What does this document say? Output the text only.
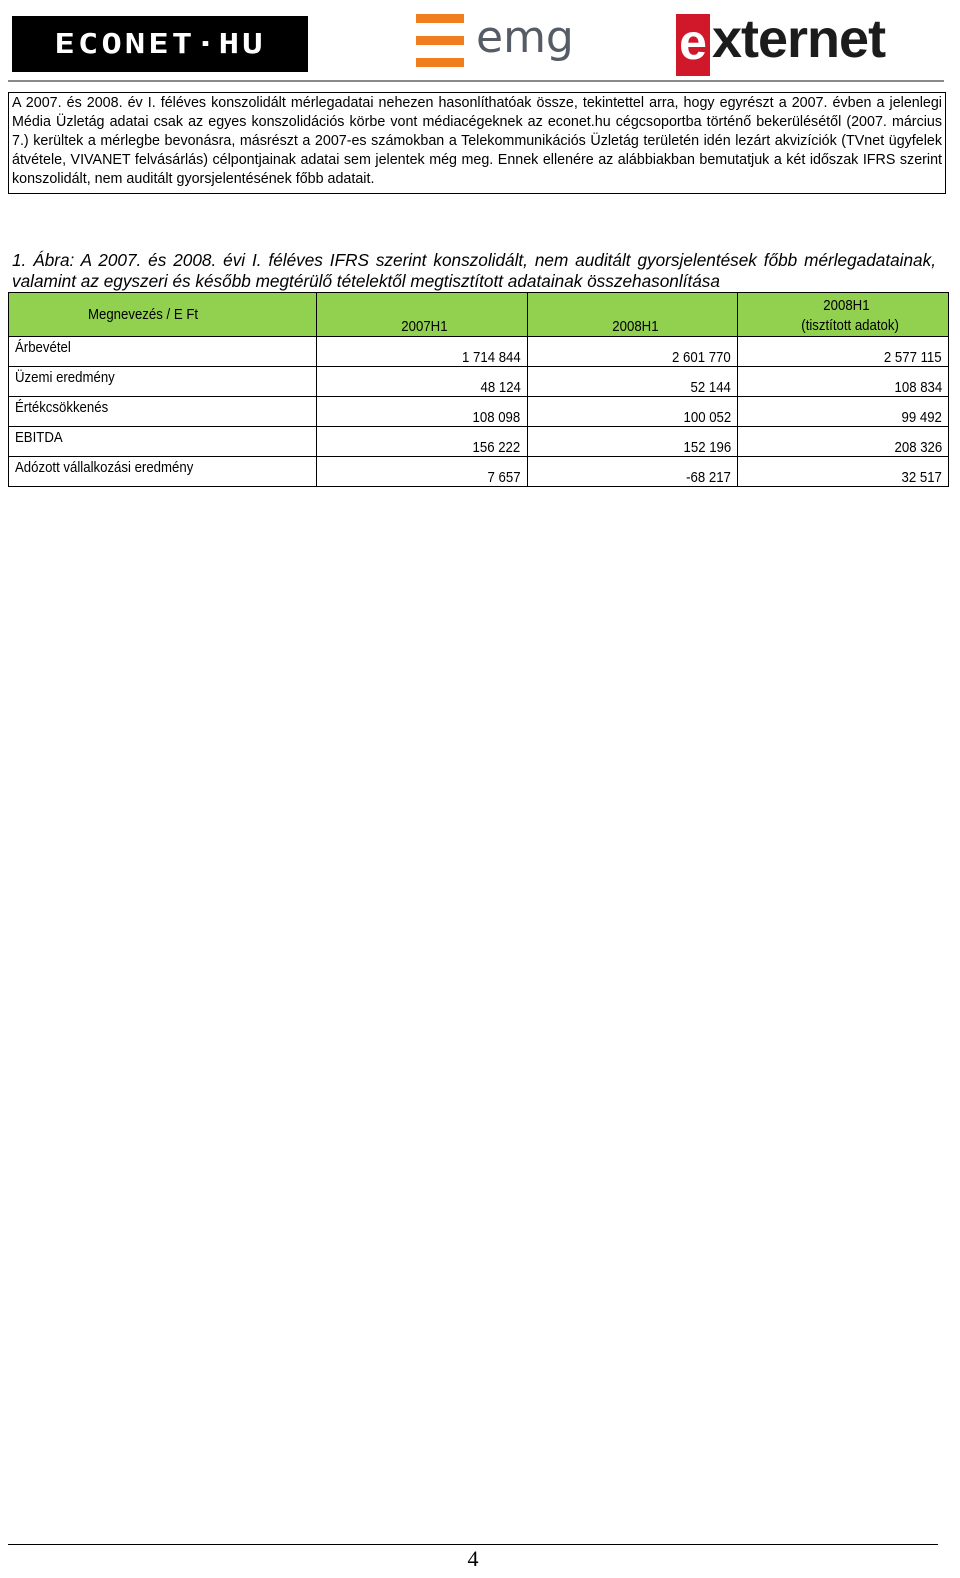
ECONET·HU	emg e xternet
A 2007. és 2008. év I. féléves konszolidált mérlegadatai nehezen hasonlíthatóak össze, tekintettel arra, hogy egyrészt a 2007. évben a jelenlegi Média Üzletág adatai csak az egyes konszolidációs körbe vont médiacégeknek az econet.hu cégcsoportba történő bekerülésétől (2007. március 7.) kerültek a mérlegbe bevonásra, másrészt a 2007-es számokban a Telekommunikációs Üzletág területén idén lezárt akvizíciók (TVnet ügyfelek átvétele, VIVANET felvásárlás) célpontjainak adatai sem jelentek még meg. Ennek ellenére az alábbiakban bemutatjuk a két időszak IFRS szerint konszolidált, nem auditált gyorsjelentésének főbb adatait.
1. Ábra: A 2007. és 2008. évi I. féléves IFRS szerint konszolidált, nem auditált gyorsjelentések főbb mérlegadatainak, valamint az egyszeri és később megtérülő tételektől megtisztított adatainak összehasonlítása
Megnevezés / E Ft	2007H1	2008H1	2008H1
(tisztított adatok)
Árbevétel	1 714 844	2 601 770	2 577 115
Üzemi eredmény	48 124	52 144	108 834
Értékcsökkenés	108 098	100 052	99 492
EBITDA	156 222	152 196	208 326
Adózott vállalkozási eredmény	7 657	-68 217	32 517
4
